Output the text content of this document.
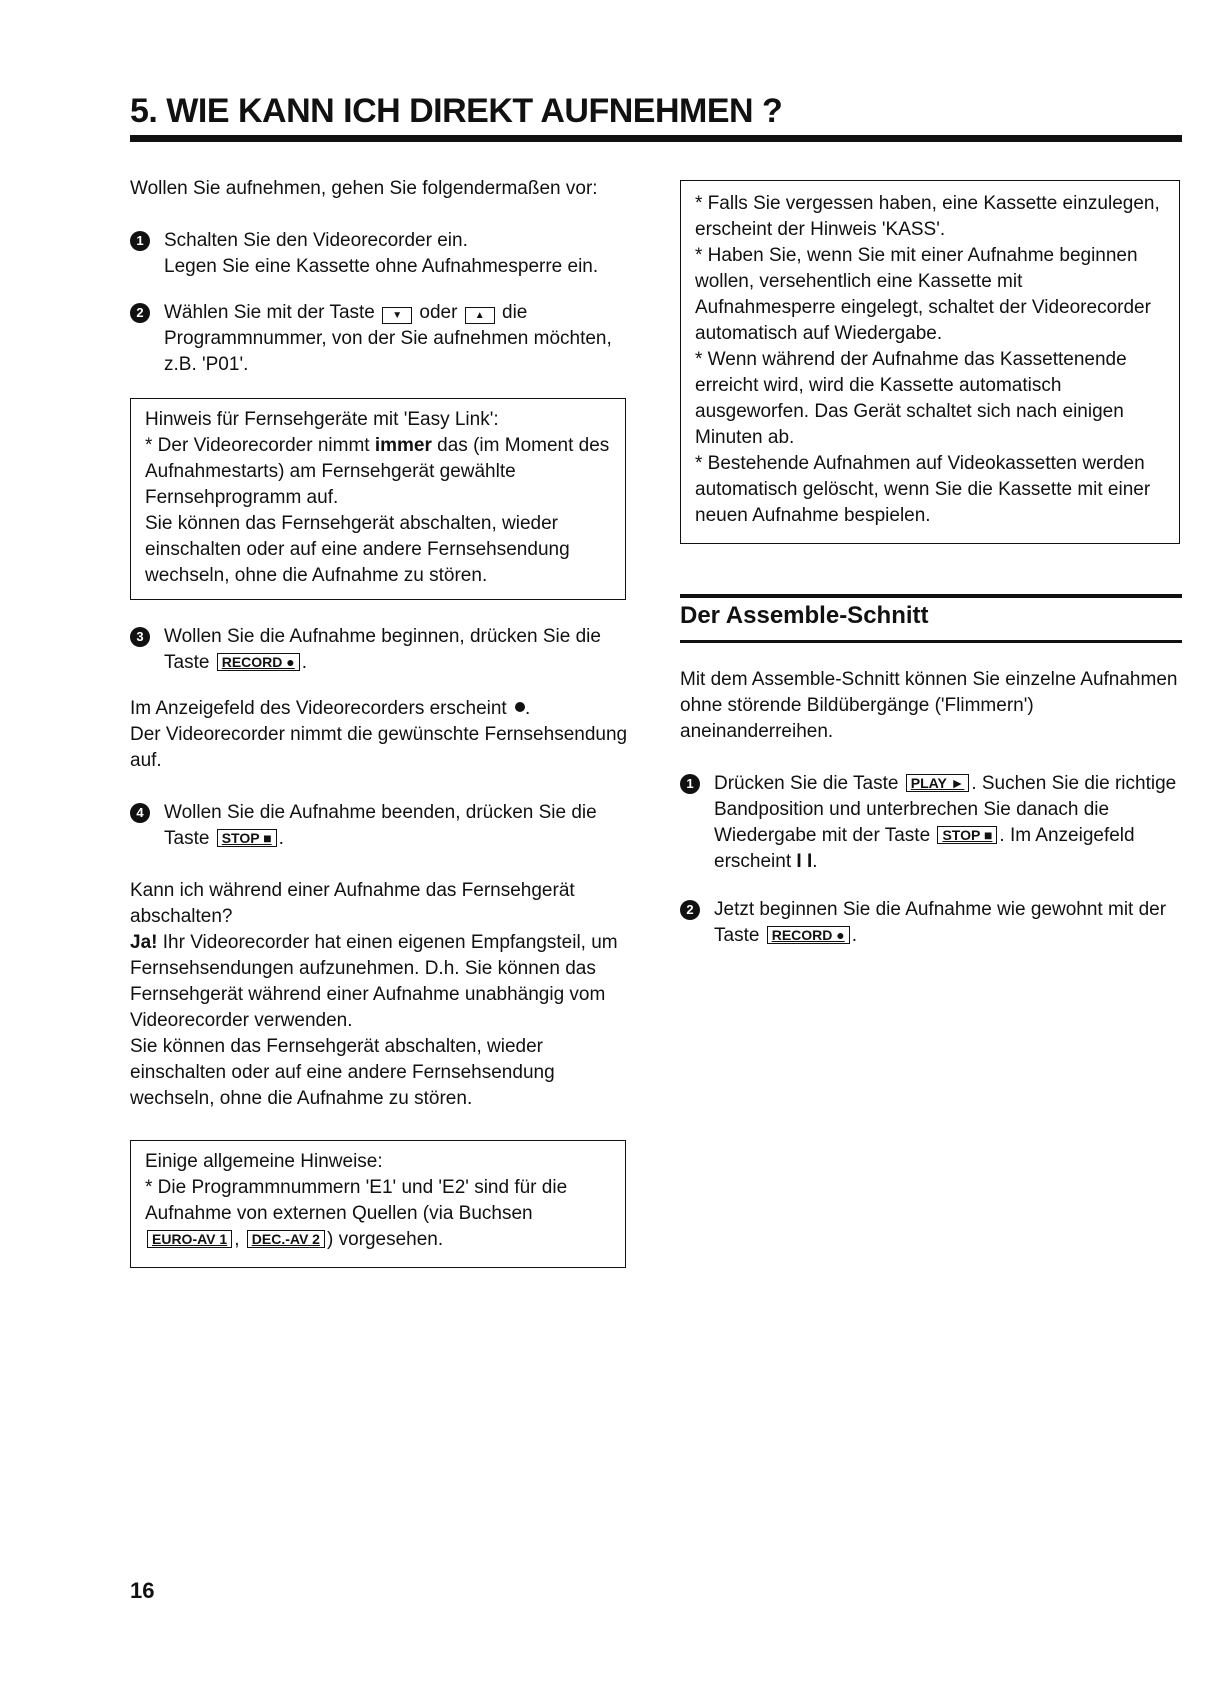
5. WIE KANN ICH DIREKT AUFNEHMEN ?

Wollen Sie aufnehmen, gehen Sie folgendermaßen vor:

1	Schalten Sie den Videorecorder ein.

Legen Sie eine Kassette ohne Aufnahmesperre ein.

2	Wählen Sie mit der Taste ▼ oder ▲ die Programmnummer, von der Sie aufnehmen möchten, z.B. 'P01'.

Hinweis für Fernsehgeräte mit 'Easy Link':

* Der Videorecorder nimmt immer das (im Moment des Aufnahmestarts) am Fernsehgerät gewählte Fernsehprogramm auf.

Sie können das Fernsehgerät abschalten, wieder einschalten oder auf eine andere Fernsehsendung wechseln, ohne die Aufnahme zu stören.

3	Wollen Sie die Aufnahme beginnen, drücken Sie die Taste RECORD ● .

Im Anzeigefeld des Videorecorders erscheint .

Der Videorecorder nimmt die gewünschte Fernsehsendung auf.

4	Wollen Sie die Aufnahme beenden, drücken Sie die Taste STOP ■ .

Kann ich während einer Aufnahme das Fernsehgerät abschalten?

Ja! Ihr Videorecorder hat einen eigenen Empfangsteil, um Fernsehsendungen aufzunehmen. D.h. Sie können das Fernsehgerät während einer Aufnahme unabhängig vom Videorecorder verwenden.

Sie können das Fernsehgerät abschalten, wieder einschalten oder auf eine andere Fernsehsendung wechseln, ohne die Aufnahme zu stören.

Einige allgemeine Hinweise:

* Die Programmnummern 'E1' und 'E2' sind für die Aufnahme von externen Quellen (via Buchsen EURO-AV 1 , DEC.-AV 2 ) vorgesehen.

* Falls Sie vergessen haben, eine Kassette einzulegen, erscheint der Hinweis 'KASS'.

* Haben Sie, wenn Sie mit einer Aufnahme beginnen wollen, versehentlich eine Kassette mit Aufnahmesperre eingelegt, schaltet der Videorecorder automatisch auf Wiedergabe.

* Wenn während der Aufnahme das Kassettenende erreicht wird, wird die Kassette automatisch ausgeworfen. Das Gerät schaltet sich nach einigen Minuten ab.

* Bestehende Aufnahmen auf Videokassetten werden automatisch gelöscht, wenn Sie die Kassette mit einer neuen Aufnahme bespielen.

Der Assemble-Schnitt

Mit dem Assemble-Schnitt können Sie einzelne Aufnahmen ohne störende Bildübergänge ('Flimmern') aneinanderreihen.

1	Drücken Sie die Taste PLAY ► . Suchen Sie die richtige Bandposition und unterbrechen Sie danach die Wiedergabe mit der Taste STOP ■ . Im Anzeigefeld erscheint I I.

2	Jetzt beginnen Sie die Aufnahme wie gewohnt mit der Taste RECORD ● .

16
